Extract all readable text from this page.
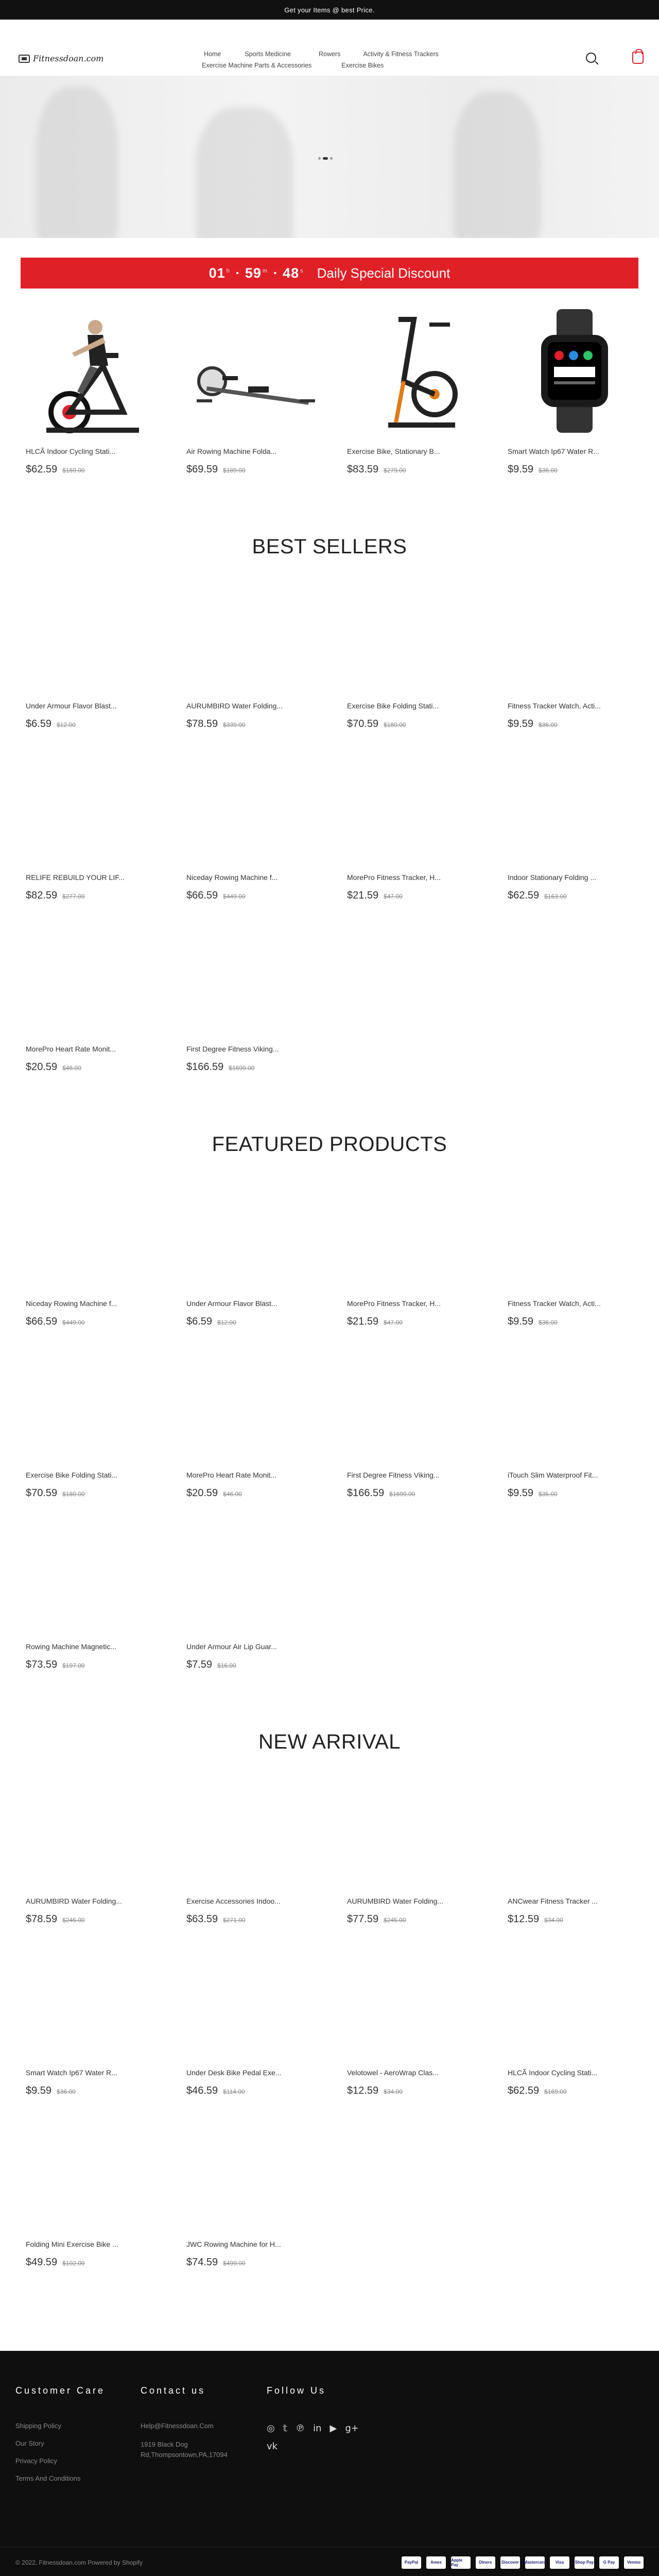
Get your Items @ best Price.
Fitnessdoan.com	Home	Sports Medicine	Rowers	Activity & Fitness Trackers
Exercise Machine Parts & Accessories	Exercise Bikes
01 $^h$ · 59 $^m$ · 48 $^s$ Daily Special Discount
HLCÃ Indoor Cycling Stati...
$62.59 $169.00
Air Rowing Machine Folda...
$69.59 $189.00
Exercise Bike, Stationary B...
$83.59 $279.00
Smart Watch Ip67 Water R...
$9.59 $36.00
BEST SELLERS
Under Armour Flavor Blast...
$6.59 $12.00
AURUMBIRD Water Folding...
$78.59 $339.00
Exercise Bike Folding Stati...
$70.59 $180.00
Fitness Tracker Watch, Acti...
$9.59 $36.00
RELIFE REBUILD YOUR LIF...
$82.59 $277.00
Niceday Rowing Machine f...
$66.59 $449.00
MorePro Fitness Tracker, H...
$21.59 $47.00
Indoor Stationary Folding ...
$62.59 $163.00
MorePro Heart Rate Monit...
$20.59 $46.00
First Degree Fitness Viking...
$166.59 $1699.00
FEATURED PRODUCTS
Niceday Rowing Machine f...
$66.59 $449.00
Under Armour Flavor Blast...
$6.59 $12.00
MorePro Fitness Tracker, H...
$21.59 $47.00
Fitness Tracker Watch, Acti...
$9.59 $36.00
Exercise Bike Folding Stati...
$70.59 $180.00
MorePro Heart Rate Monit...
$20.59 $46.00
First Degree Fitness Viking...
$166.59 $1699.00
iTouch Slim Waterproof Fit...
$9.59 $35.00
Rowing Machine Magnetic...
$73.59 $197.00
Under Armour Air Lip Guar...
$7.59 $16.00
NEW ARRIVAL
AURUMBIRD Water Folding...
$78.59 $245.00
Exercise Accessories Indoo...
$63.59 $271.00
AURUMBIRD Water Folding...
$77.59 $245.00
ANCwear Fitness Tracker ...
$12.59 $34.00
Smart Watch Ip67 Water R...
$9.59 $36.00
Under Desk Bike Pedal Exe...
$46.59 $114.00
Velotowel - AeroWrap Clas...
$12.59 $34.00
HLCÃ Indoor Cycling Stati...
$62.59 $169.00
Folding Mini Exercise Bike ...
$49.59 $102.00
JWC Rowing Machine for H...
$74.59 $499.00
Customer Care
Shipping Policy
Our Story
Privacy Policy
Terms And Conditions
Contact us
Help@Fitnessdoan.Com

1919 Black Dog

Rd,Thompsontown,PA,17094

Follow Us
◎ 𝕥 ℗ in ▶ g+
vk
© 2022, Fitnessdoan.com Powered by Shopify	PayPal	Amex	Apple Pay	Diners	Discover Mastercard	Visa	Shop Pay	G Pay	Venmo
